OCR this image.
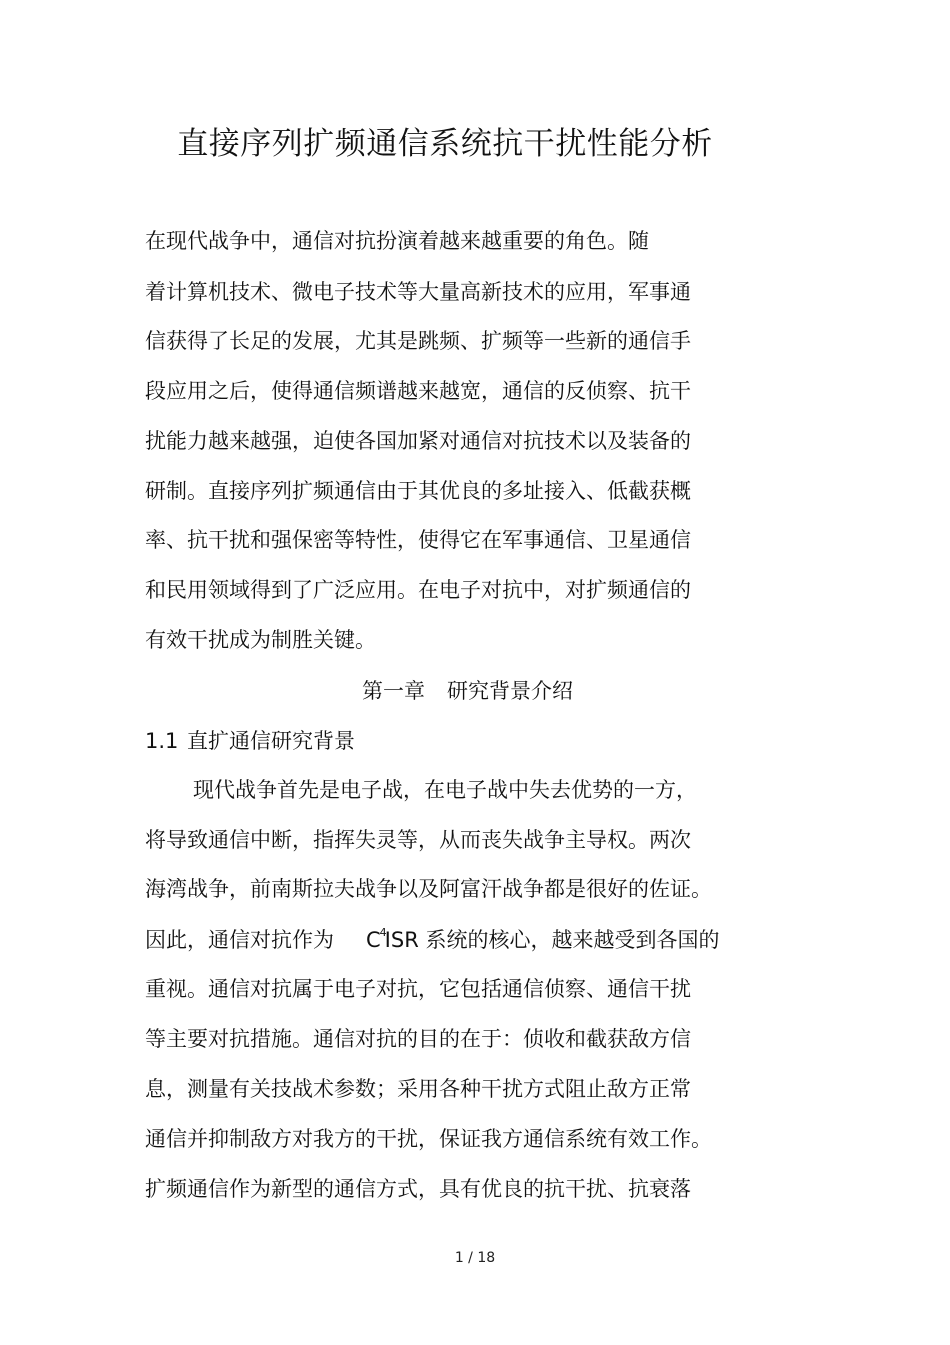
直接序列扩频通信系统抗干扰性能分析
在现代战争中，通信对抗扮演着越来越重要的角色。随
着计算机技术、微电子技术等大量高新技术的应用，军事通
信获得了长足的发展，尤其是跳频、扩频等一些新的通信手
段应用之后，使得通信频谱越来越宽，通信的反侦察、抗干
扰能力越来越强，迫使各国加紧对通信对抗技术以及装备的
研制。直接序列扩频通信由于其优良的多址接入、低截获概
率、抗干扰和强保密等特性，使得它在军事通信、卫星通信
和民用领域得到了广泛应用。在电子对抗中，对扩频通信的
有效干扰成为制胜关键。
第一章 研究背景介绍
1.1 直扩通信研究背景
现代战争首先是电子战，在电子战中失去优势的一方，
将导致通信中断，指挥失灵等，从而丧失战争主导权。两次
海湾战争，前南斯拉夫战争以及阿富汗战争都是很好的佐证。
因此，通信对抗作为 $C^4ISR$ 系统的核心，越来越受到各国的
重视。通信对抗属于电子对抗，它包括通信侦察、通信干扰
等主要对抗措施。通信对抗的目的在于：侦收和截获敌方信
息，测量有关技战术参数；采用各种干扰方式阻止敌方正常
通信并抑制敌方对我方的干扰，保证我方通信系统有效工作。
扩频通信作为新型的通信方式，具有优良的抗干扰、抗衰落
1 / 18
